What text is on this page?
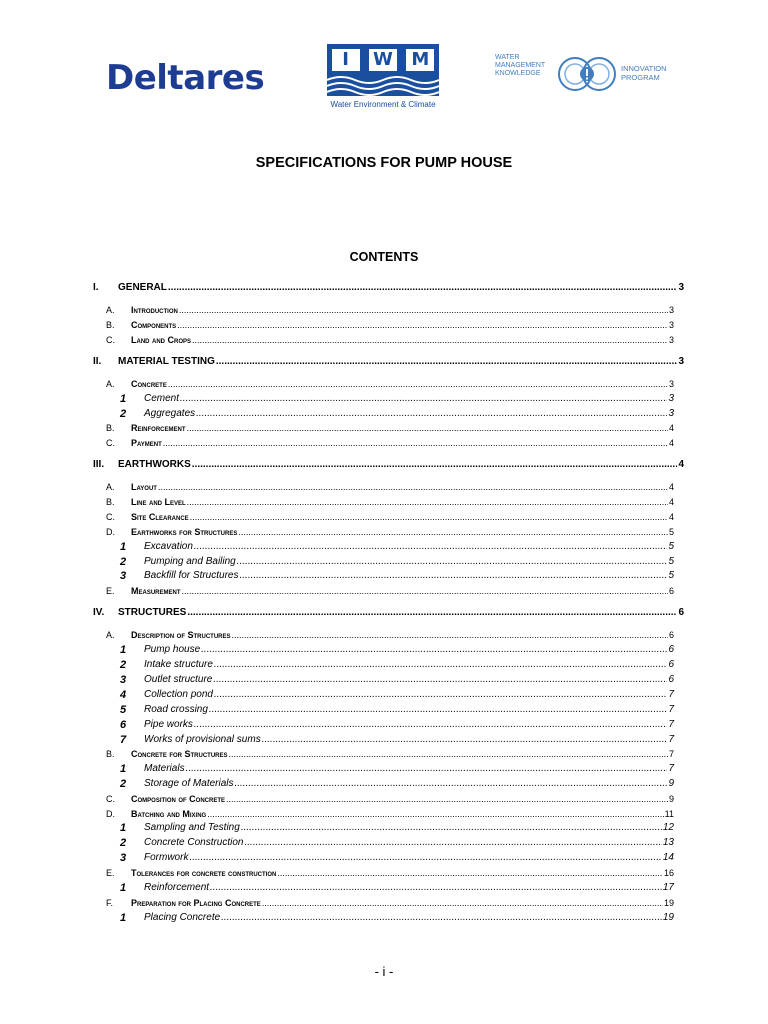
Deltares	I	W M
Water Environment & Climate
WATER
MANAGEMENT
KNOWLEDGE
INNOVATION
PROGRAM
SPECIFICATIONS FOR PUMP HOUSE
CONTENTS
I. GENERAL .....	3
A. Introduction .....	3
B. Components .....	3
C. Land and Crops .....	3
II. MATERIAL TESTING .....	3
A. Concrete .....	3
1 Cement .....	3
2 Aggregates .....	3
B. Reinforcement .....	4
C. Payment .....	4
III. EARTHWORKS .....	4
A. Layout .....	4
B. Line and Level .....	4
C. Site Clearance .....	4
D. Earthworks for Structures .....	5
1 Excavation .....	5
2 Pumping and Bailing .....	5
3 Backfill for Structures .....	5
E. Measurement .....	6
IV. STRUCTURES .....	6
A. Description of Structures .....	6
1 Pump house .....	6
2 Intake structure .....	6
3 Outlet structure .....	6
4 Collection pond .....	7
5 Road crossing .....	7
6 Pipe works .....	7
7 Works of provisional sums .....	7
B. Concrete for Structures .....	7
1 Materials .....	7
2 Storage of Materials .....	9
C. Composition of Concrete .....	9
D. Batching and Mixing .....	11
1 Sampling and Testing .....	12
2 Concrete Construction .....	13
3 Formwork .....	14
E. Tolerances for concrete construction .....	16
1 Reinforcement .....	17
F. Preparation for Placing Concrete .....	19
1 Placing Concrete .....	19
- i -
